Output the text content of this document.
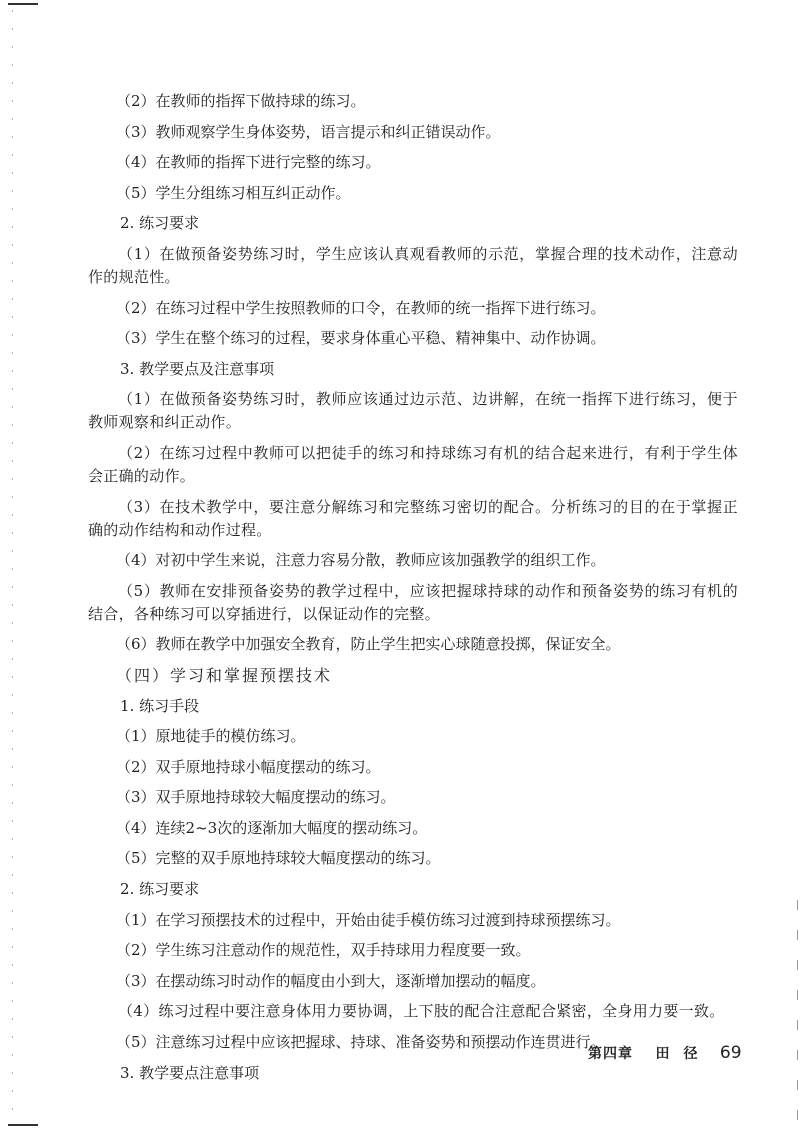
（2）在教师的指挥下做持球的练习。
（3）教师观察学生身体姿势，语言提示和纠正错误动作。
（4）在教师的指挥下进行完整的练习。
（5）学生分组练习相互纠正动作。
2. 练习要求
（1）在做预备姿势练习时，学生应该认真观看教师的示范，掌握合理的技术动作，注意动作的规范性。
（2）在练习过程中学生按照教师的口令，在教师的统一指挥下进行练习。
（3）学生在整个练习的过程，要求身体重心平稳、精神集中、动作协调。
3. 教学要点及注意事项
（1）在做预备姿势练习时，教师应该通过边示范、边讲解，在统一指挥下进行练习，便于教师观察和纠正动作。
（2）在练习过程中教师可以把徒手的练习和持球练习有机的结合起来进行，有利于学生体会正确的动作。
（3）在技术教学中，要注意分解练习和完整练习密切的配合。分析练习的目的在于掌握正确的动作结构和动作过程。
（4）对初中学生来说，注意力容易分散，教师应该加强教学的组织工作。
（5）教师在安排预备姿势的教学过程中，应该把握球持球的动作和预备姿势的练习有机的结合，各种练习可以穿插进行，以保证动作的完整。
（6）教师在教学中加强安全教育，防止学生把实心球随意投掷，保证安全。
（四）学习和掌握预摆技术
1. 练习手段
（1）原地徒手的模仿练习。
（2）双手原地持球小幅度摆动的练习。
（3）双手原地持球较大幅度摆动的练习。
（4）连续2~3次的逐渐加大幅度的摆动练习。
（5）完整的双手原地持球较大幅度摆动的练习。
2. 练习要求
（1）在学习预摆技术的过程中，开始由徒手模仿练习过渡到持球预摆练习。
（2）学生练习注意动作的规范性，双手持球用力程度要一致。
（3）在摆动练习时动作的幅度由小到大，逐渐增加摆动的幅度。
（4）练习过程中要注意身体用力要协调，上下肢的配合注意配合紧密，全身用力要一致。
（5）注意练习过程中应该把握球、持球、准备姿势和预摆动作连贯进行。
3. 教学要点注意事项
第四章 田径 69
